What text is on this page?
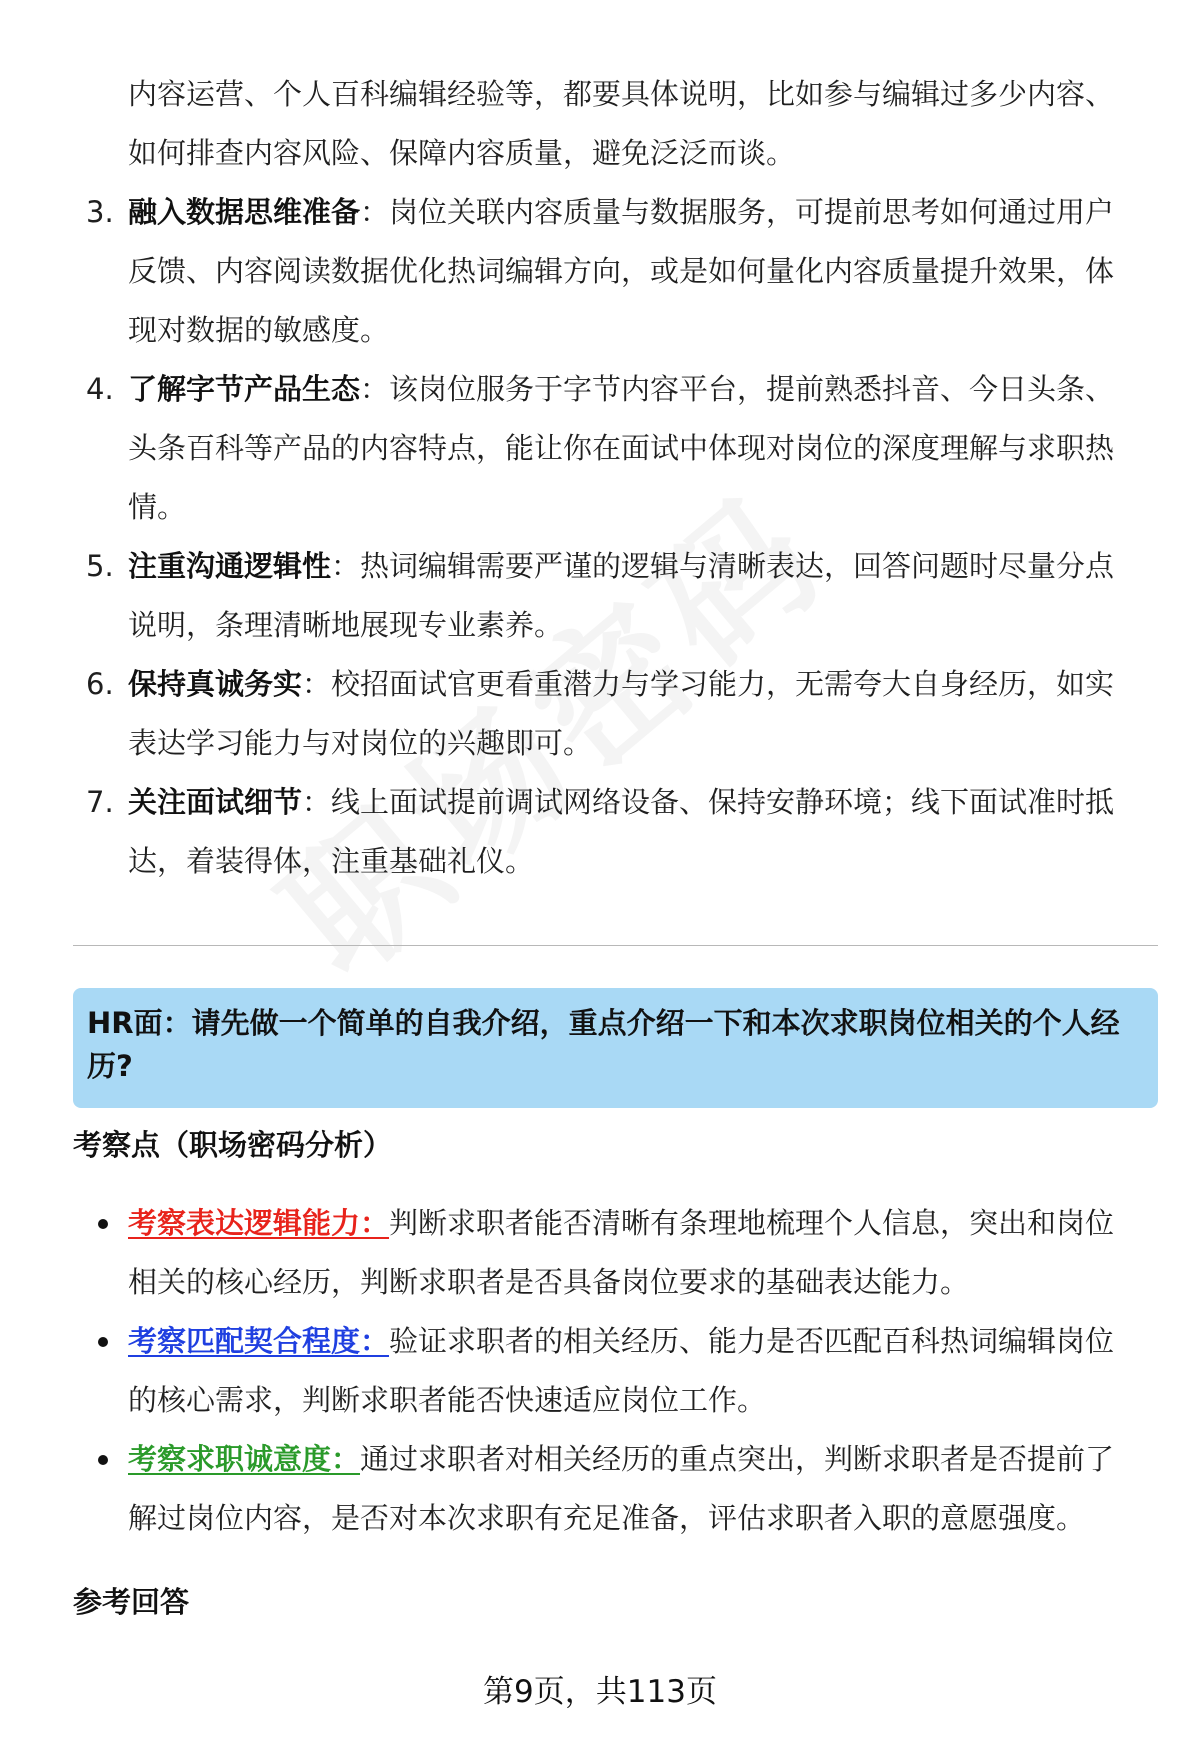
内容运营、个人百科编辑经验等，都要具体说明，比如参与编辑过多少内容、如何排查内容风险、保障内容质量，避免泛泛而谈。
3. 融入数据思维准备：岗位关联内容质量与数据服务，可提前思考如何通过用户反馈、内容阅读数据优化热词编辑方向，或是如何量化内容质量提升效果，体现对数据的敏感度。
4. 了解字节产品生态：该岗位服务于字节内容平台，提前熟悉抖音、今日头条、头条百科等产品的内容特点，能让你在面试中体现对岗位的深度理解与求职热情。
5. 注重沟通逻辑性：热词编辑需要严谨的逻辑与清晰表达，回答问题时尽量分点说明，条理清晰地展现专业素养。
6. 保持真诚务实：校招面试官更看重潜力与学习能力，无需夸大自身经历，如实表达学习能力与对岗位的兴趣即可。
7. 关注面试细节：线上面试提前调试网络设备、保持安静环境；线下面试准时抵达，着装得体，注重基础礼仪。
HR面：请先做一个简单的自我介绍，重点介绍一下和本次求职岗位相关的个人经历?
考察点（职场密码分析）
考察表达逻辑能力：判断求职者能否清晰有条理地梳理个人信息，突出和岗位相关的核心经历，判断求职者是否具备岗位要求的基础表达能力。
考察匹配契合程度：验证求职者的相关经历、能力是否匹配百科热词编辑岗位的核心需求，判断求职者能否快速适应岗位工作。
考察求职诚意度：通过求职者对相关经历的重点突出，判断求职者是否提前了解过岗位内容，是否对本次求职有充足准备，评估求职者入职的意愿强度。
参考回答
第9页，共113页
